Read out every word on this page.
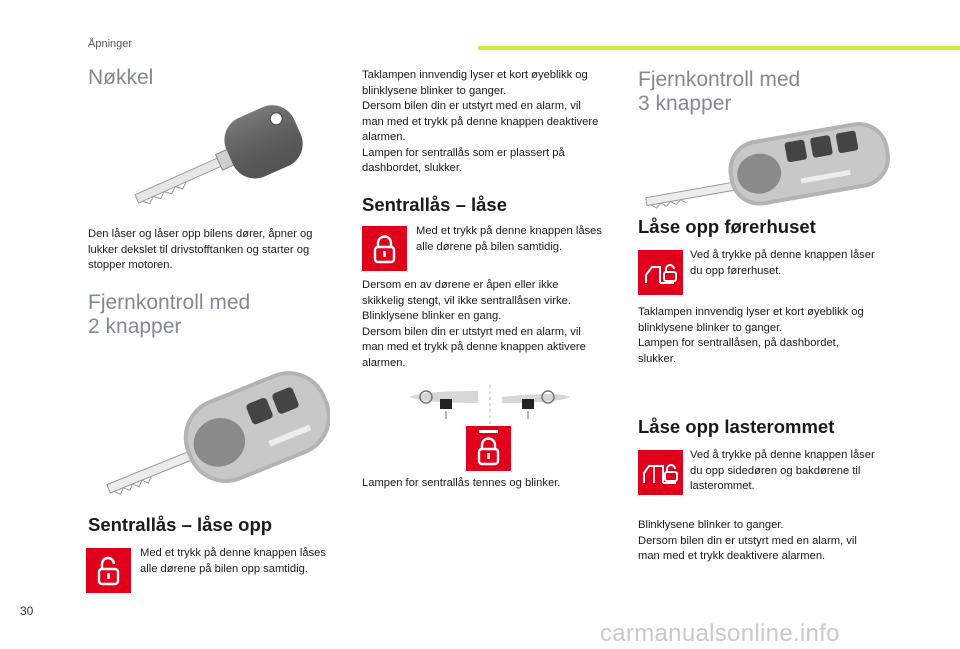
Åpninger
Nøkkel
Den låser og låser opp bilens dører, åpner og
lukker dekslet til drivstofftanken og starter og
stopper motoren.
Fjernkontroll med
2 knapper
Sentrallås – låse opp
Med et trykk på denne knappen låses
alle dørene på bilen opp samtidig.
Taklampen innvendig lyser et kort øyeblikk og
blinklysene blinker to ganger.
Dersom bilen din er utstyrt med en alarm, vil
man med et trykk på denne knappen deaktivere
alarmen.
Lampen for sentrallås som er plassert på
dashbordet, slukker.
Sentrallås – låse
Med et trykk på denne knappen låses
alle dørene på bilen samtidig.
Dersom en av dørene er åpen eller ikke
skikkelig stengt, vil ikke sentrallåsen virke.
Blinklysene blinker en gang.
Dersom bilen din er utstyrt med en alarm, vil
man med et trykk på denne knappen aktivere
alarmen.
Lampen for sentrallås tennes og blinker.
Fjernkontroll med
3 knapper
Låse opp førerhuset
Ved å trykke på denne knappen låser
du opp førerhuset.
Taklampen innvendig lyser et kort øyeblikk og
blinklysene blinker to ganger.
Lampen for sentrallåsen, på dashbordet,
slukker.
Låse opp lasterommet
Ved å trykke på denne knappen låser
du opp sidedøren og bakdørene til
lasterommet.
Blinklysene blinker to ganger.
Dersom bilen din er utstyrt med en alarm, vil
man med et trykk deaktivere alarmen.
30
carmanualsonline.info
